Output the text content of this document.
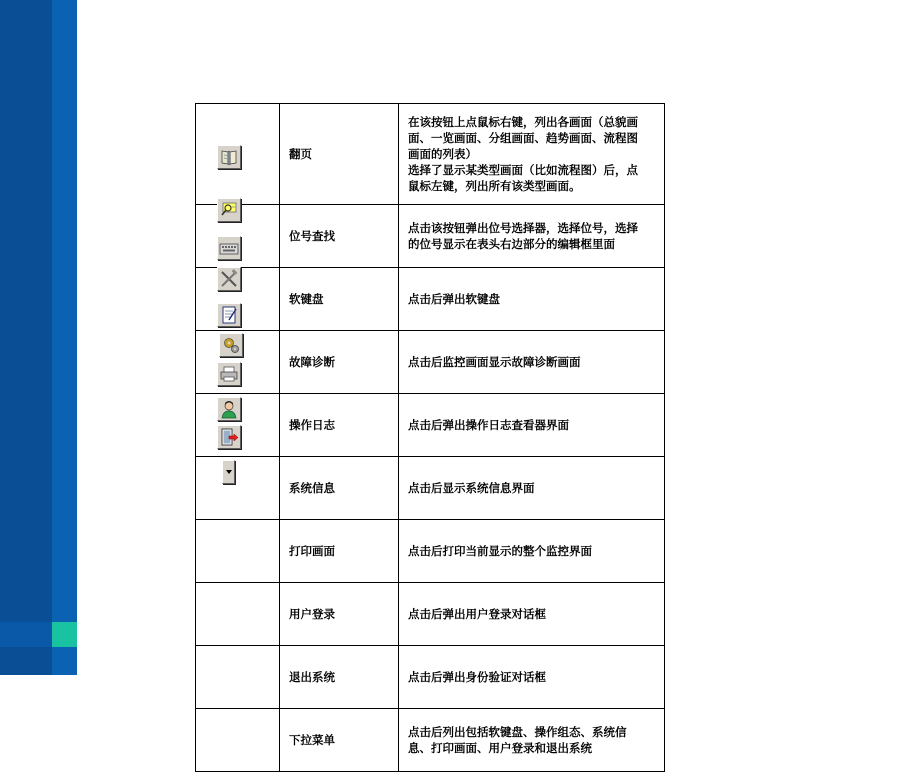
	翻页	在该按钮上点鼠标右键，列出各画面（总貌画
面、一览画面、分组画面、趋势画面、流程图
画面的列表）
选择了显示某类型画面（比如流程图）后，点
鼠标左键，列出所有该类型画面。

	位号查找	点击该按钮弹出位号选择器，选择位号，选择
的位号显示在表头右边部分的编辑框里面

	软键盘	点击后弹出软键盘
	故障诊断	点击后监控画面显示故障诊断画面
	操作日志	点击后弹出操作日志查看器界面
	系统信息	点击后显示系统信息界面
	打印画面	点击后打印当前显示的整个监控界面
	用户登录	点击后弹出用户登录对话框
	退出系统	点击后弹出身份验证对话框
	下拉菜单	点击后列出包括软键盘、操作组态、系统信
息、打印画面、用户登录和退出系统
